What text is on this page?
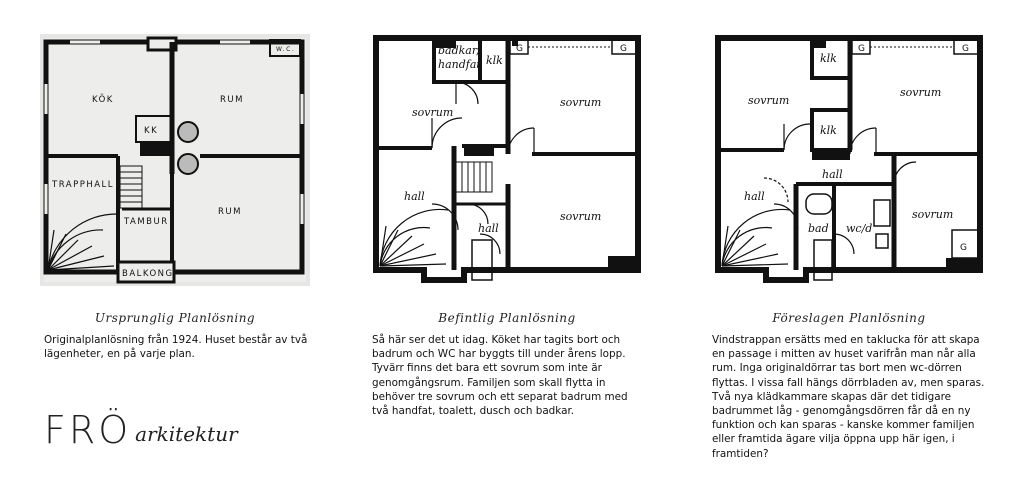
KÖK	RUM
KK
TRAPPHALL
TAMBUR
RUM
BALKONG
W.C.	badkar/
handfat klk
G	G
sovrum
sovrum
sovrum
hall
hall
wc
klk
klk
G	G
G
sovrum
sovrum
sovrum
hall
hall
bad wc/d
Ursprunglig Planlösning	Befintlig Planlösning	Föreslagen Planlösning
Originalplanlösning från 1924. Huset består av två lägenheter, en på varje plan.
Så här ser det ut idag. Köket har tagits bort och badrum och WC har byggts till under årens lopp. Tyvärr finns det bara ett sovrum som inte är genomgångsrum. Familjen som skall flytta in behöver tre sovrum och ett separat badrum med två handfat, toalett, dusch och badkar.
Vindstrappan ersätts med en taklucka för att skapa en passage i mitten av huset varifrån man når alla rum. Inga originaldörrar tas bort men wc-dörren flyttas. I vissa fall hängs dörrbladen av, men sparas. Två nya klädkammare skapas där det tidigare badrummet låg - genomgångsdörren får då en ny funktion och kan sparas - kanske kommer familjen eller framtida ägare vilja öppna upp här igen, i framtiden?
FRÖ arkitektur
